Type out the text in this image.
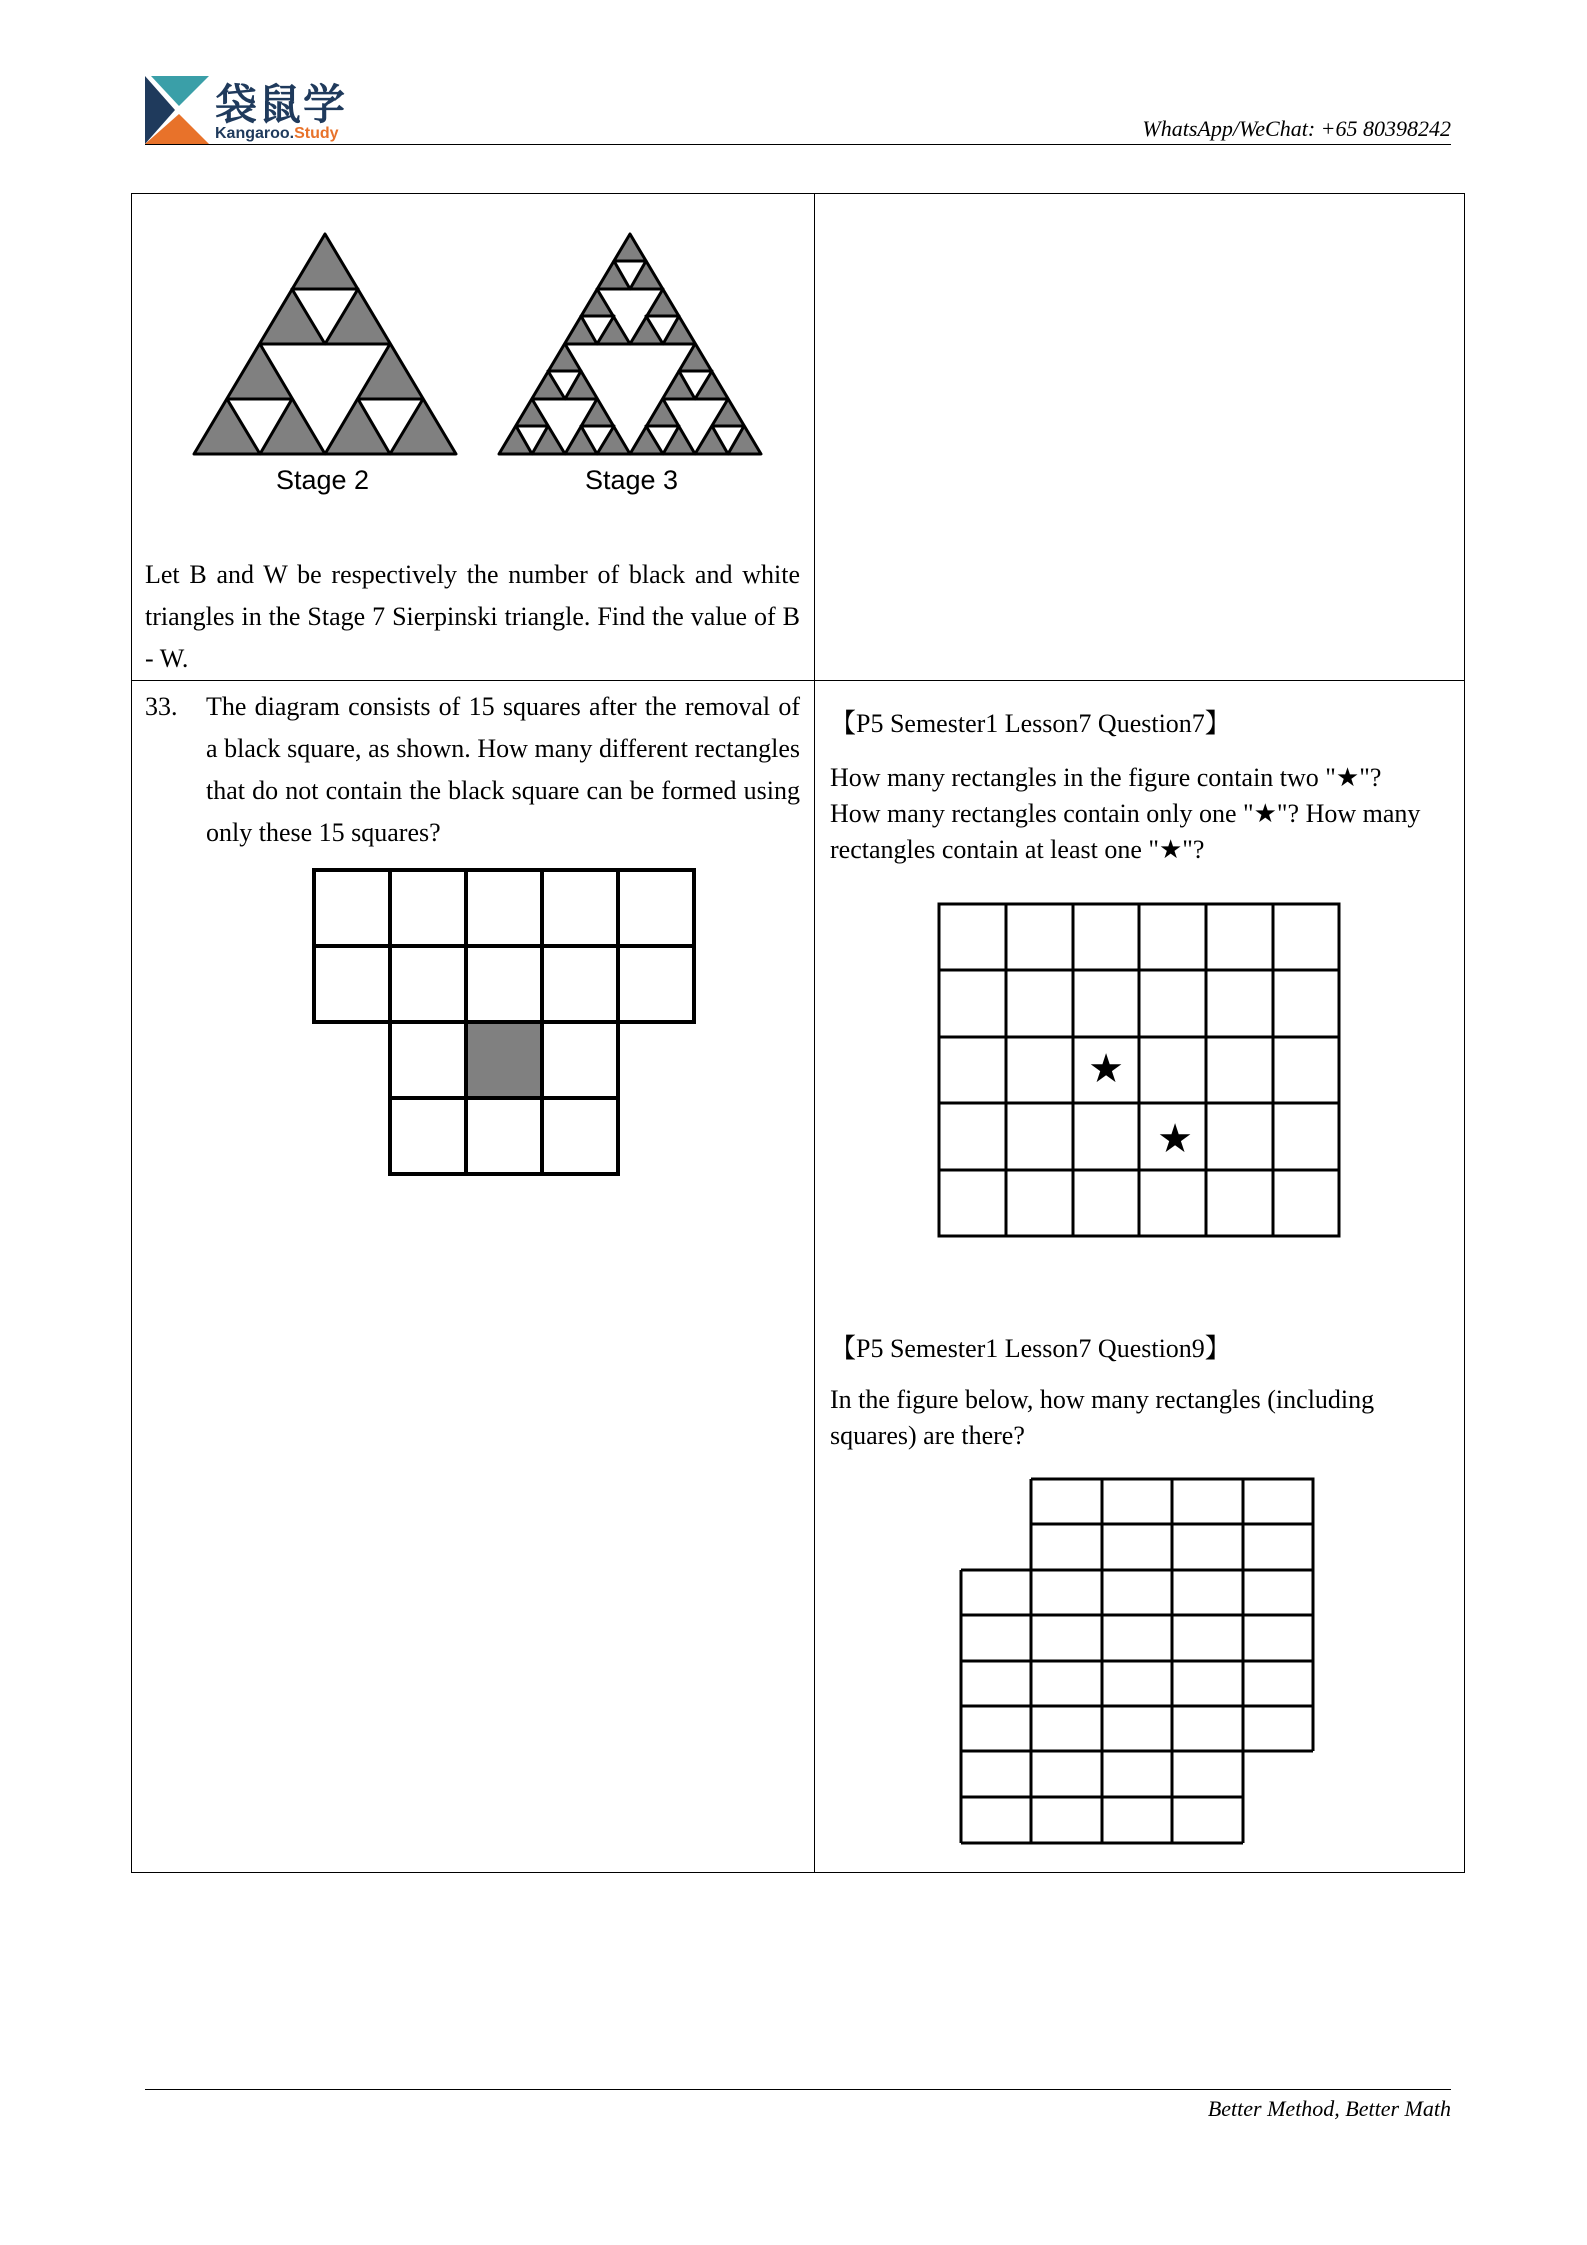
袋鼠学
Kangaroo.Study	WhatsApp/WeChat: +65 80398242
Stage 2	Stage 3
Let B and W be respectively the number of black and white triangles in the Stage 7 Sierpinski triangle. Find the value of B - W.
33. The diagram consists of 15 squares after the removal of a black square, as shown. How many different rectangles that do not contain the black square can be formed using only these 15 squares?
【P5 Semester1 Lesson7 Question7】
How many rectangles in the figure contain two "★"? How many rectangles contain only one "★"? How many rectangles contain at least one "★"?
★
★
【P5 Semester1 Lesson7 Question9】
In the figure below, how many rectangles (including squares) are there?
Better Method, Better Math
